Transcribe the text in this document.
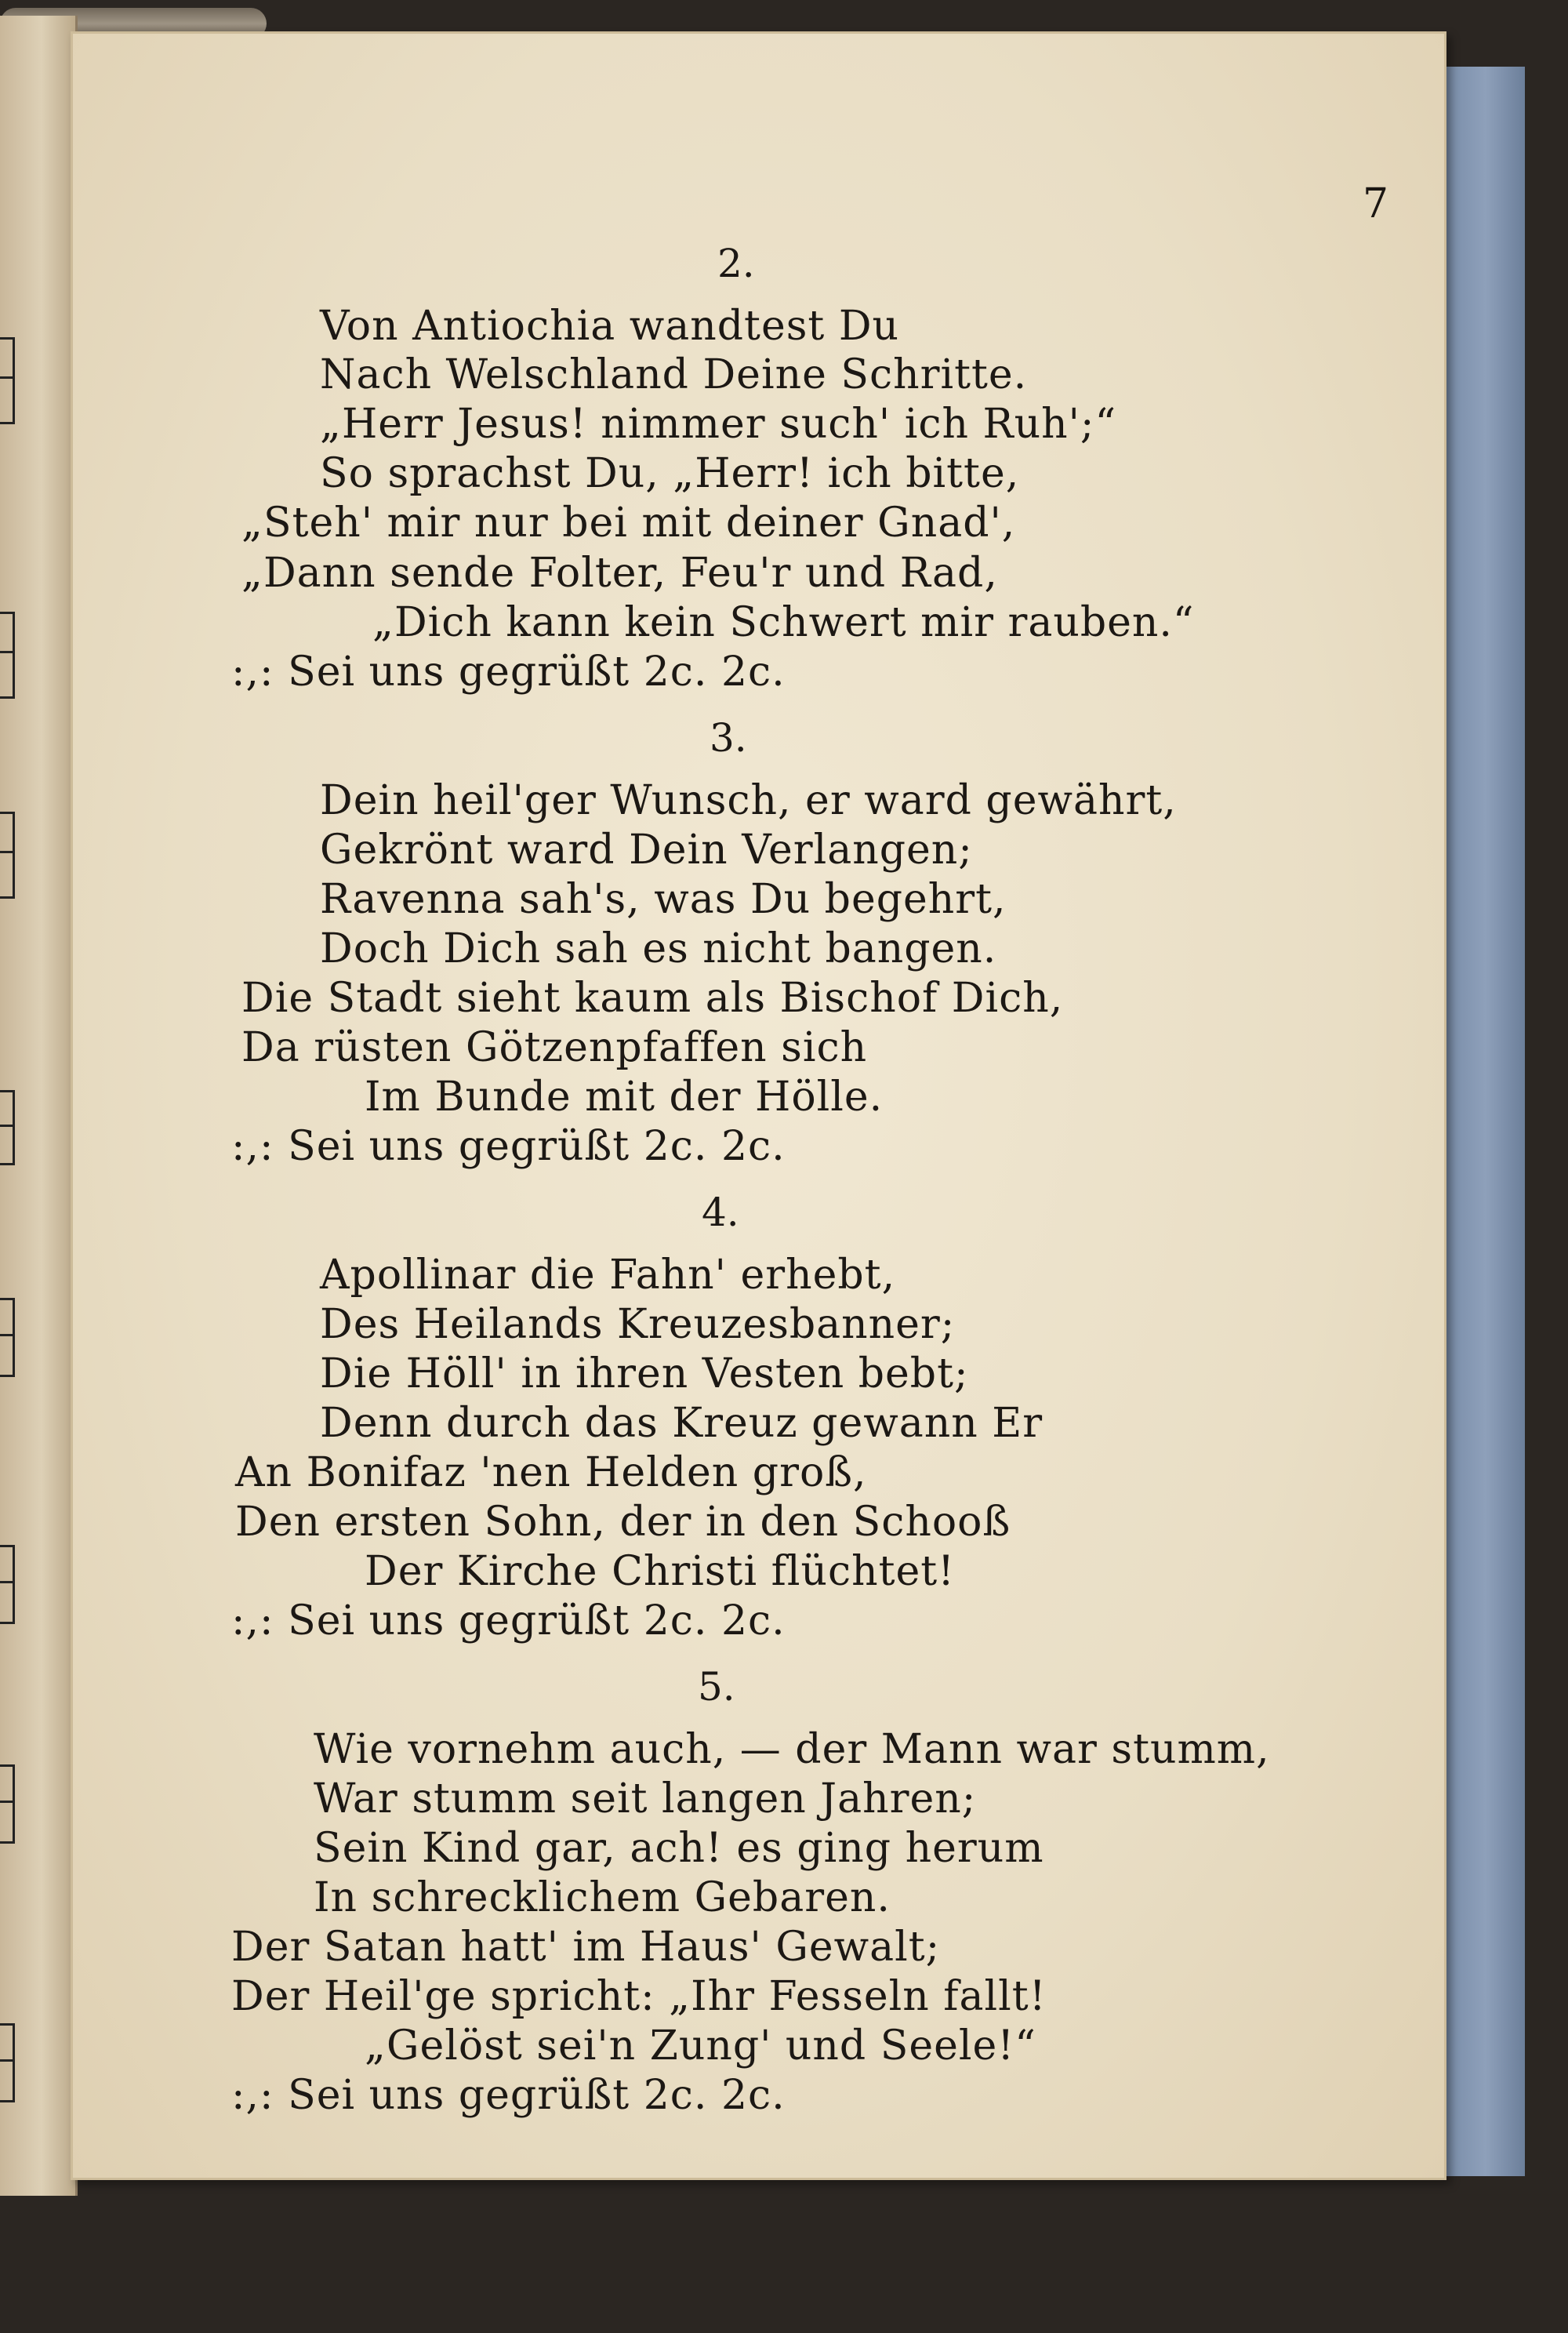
7
2.
Von Antiochia wandtest Du
Nach Welschland Deine Schritte.
„Herr Jesus! nimmer such' ich Ruh';“
So sprachst Du, „Herr! ich bitte,
„Steh' mir nur bei mit deiner Gnad',
„Dann sende Folter, Feu'r und Rad,
„Dich kann kein Schwert mir rauben.“
:,: Sei uns gegrüßt 2c. 2c.
3.
Dein heil'ger Wunsch, er ward gewährt,
Gekrönt ward Dein Verlangen;
Ravenna sah's, was Du begehrt,
Doch Dich sah es nicht bangen.
Die Stadt sieht kaum als Bischof Dich,
Da rüsten Götzenpfaffen sich
Im Bunde mit der Hölle.
:,: Sei uns gegrüßt 2c. 2c.
4.
Apollinar die Fahn' erhebt,
Des Heilands Kreuzesbanner;
Die Höll' in ihren Vesten bebt;
Denn durch das Kreuz gewann Er
An Bonifaz 'nen Helden groß,
Den ersten Sohn, der in den Schooß
Der Kirche Christi flüchtet!
:,: Sei uns gegrüßt 2c. 2c.
5.
Wie vornehm auch, — der Mann war stumm,
War stumm seit langen Jahren;
Sein Kind gar, ach! es ging herum
In schrecklichem Gebaren.
Der Satan hatt' im Haus' Gewalt;
Der Heil'ge spricht: „Ihr Fesseln fallt!
„Gelöst sei'n Zung' und Seele!“
:,: Sei uns gegrüßt 2c. 2c.
